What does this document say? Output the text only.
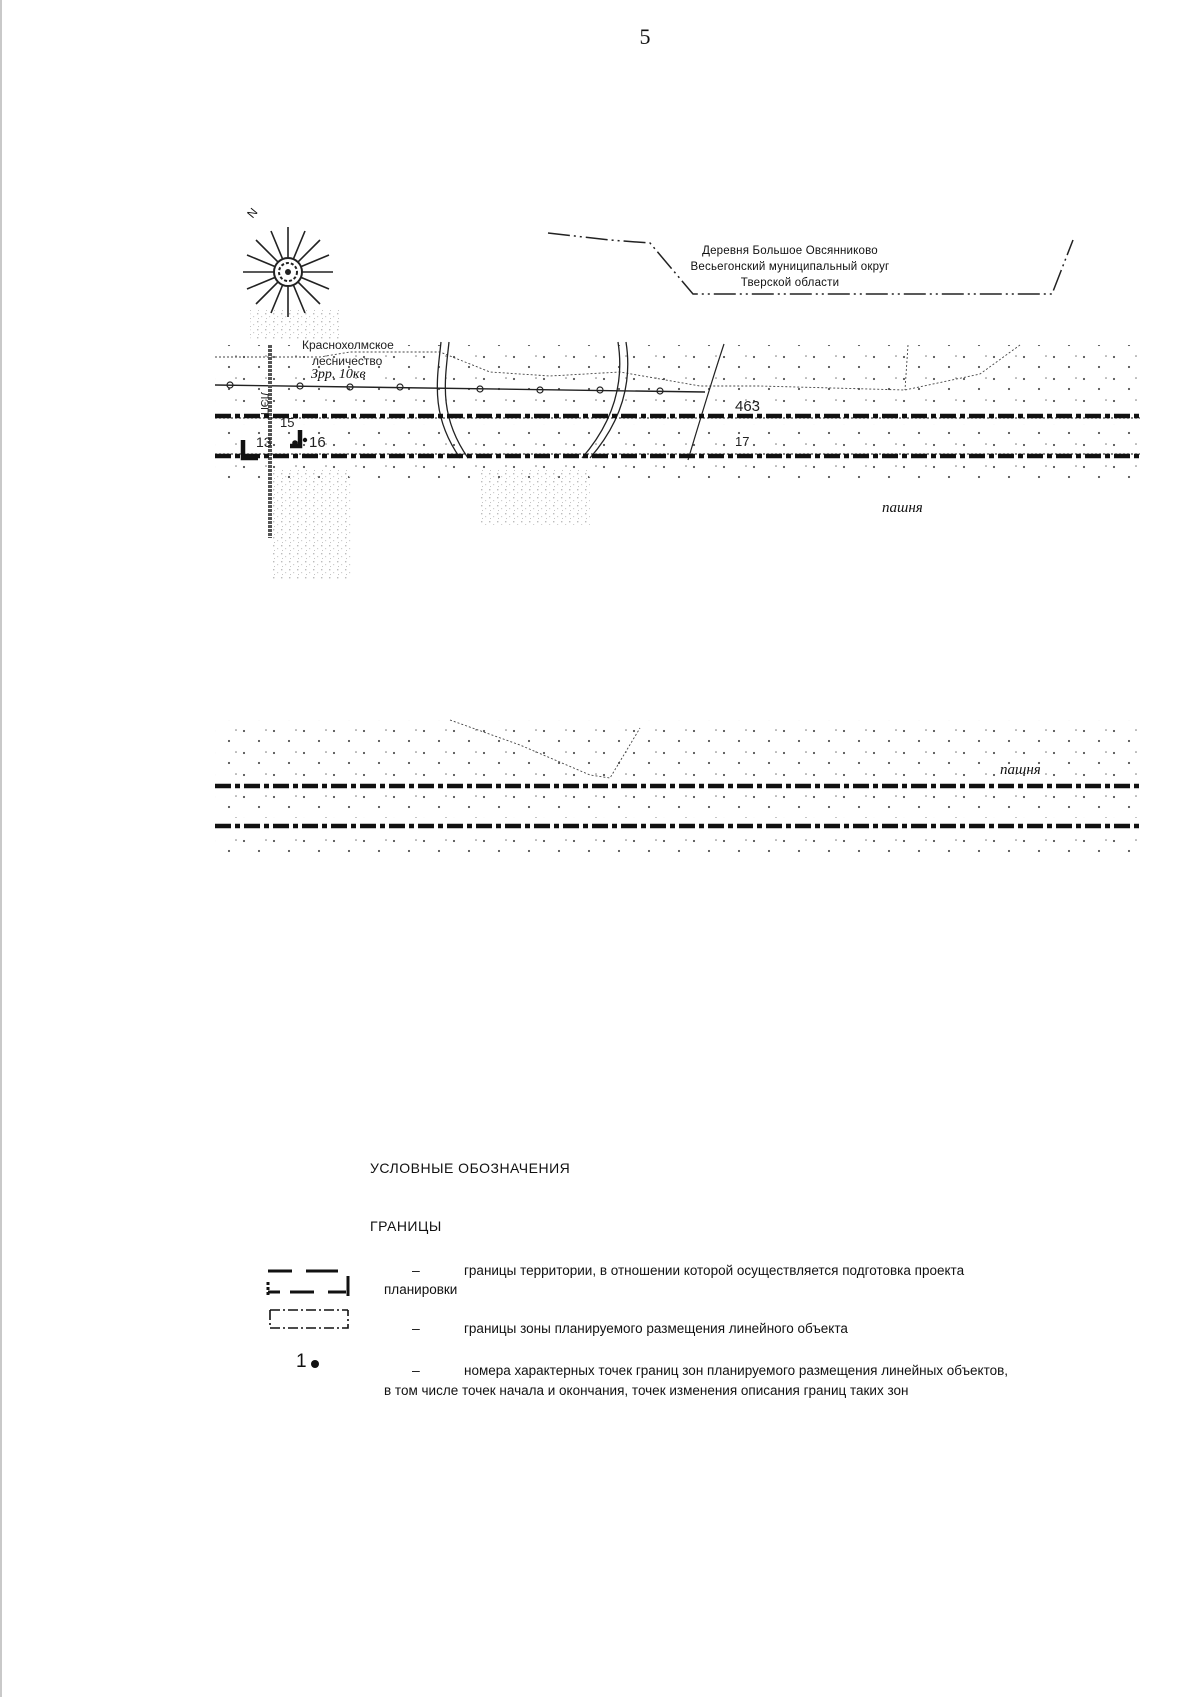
5
Деревня Большое Овсянниково
Весьегонский муниципальный округ
Тверской области
N
Краснохолмское
лесничество
Зpр. 10кв
ЛЭП
13
15
16
463
17
пашня
пашня
УСЛОВНЫЕ ОБОЗНАЧЕНИЯ
ГРАНИЦЫ
–	границы территории, в отношении которой осуществляется подготовка проекта
планировки
–	границы зоны планируемого размещения линейного объекта
1	–	номера характерных точек границ зон планируемого размещения линейных объектов,
в том числе точек начала и окончания, точек изменения описания границ таких зон
